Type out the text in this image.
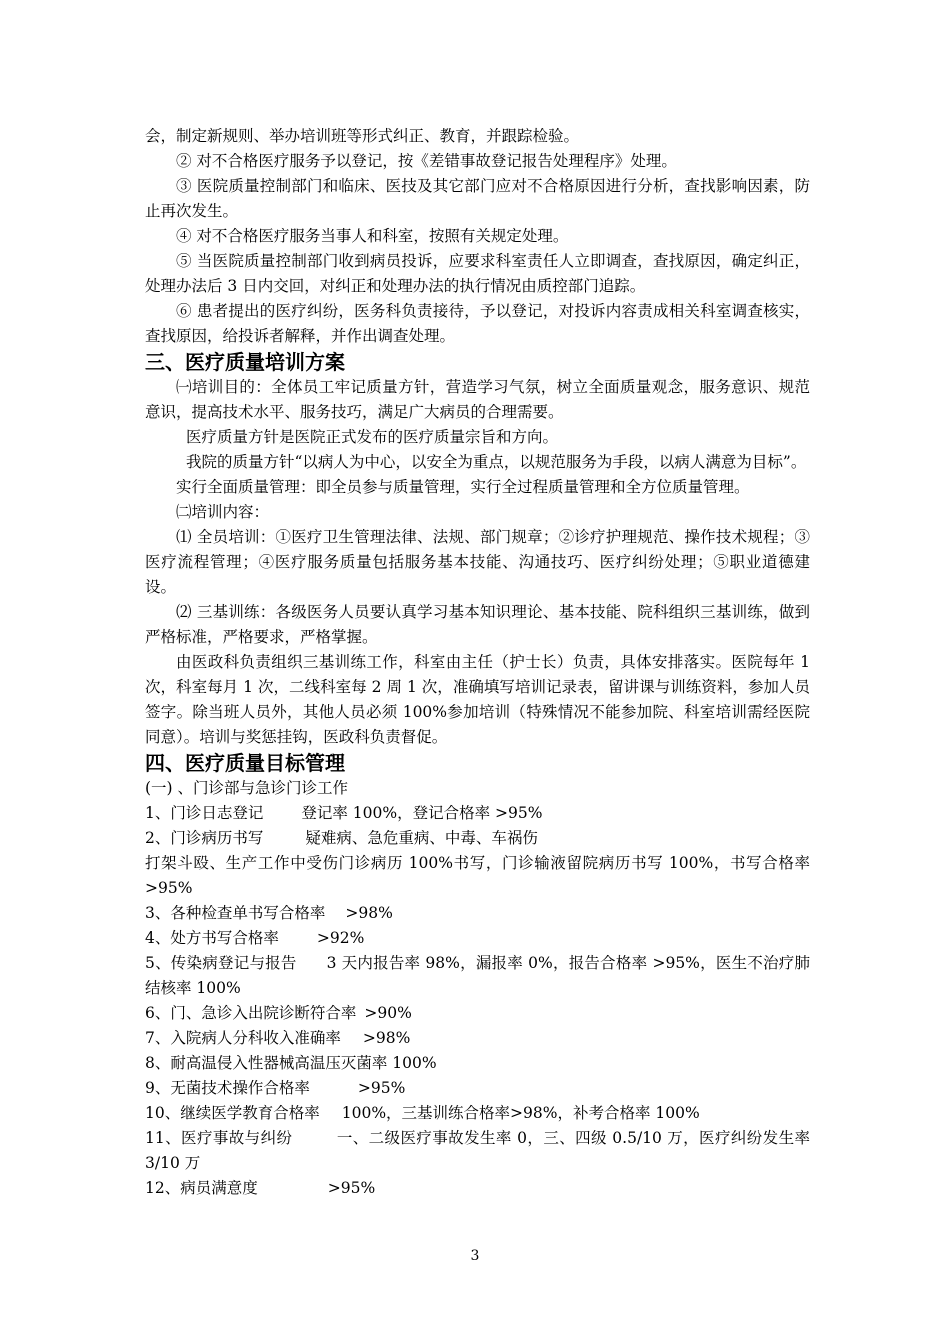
会，制定新规则、举办培训班等形式纠正、教育，并跟踪检验。

② 对不合格医疗服务予以登记，按《差错事故登记报告处理程序》处理。

③ 医院质量控制部门和临床、医技及其它部门应对不合格原因进行分析，查找影响因素，防止再次发生。

④ 对不合格医疗服务当事人和科室，按照有关规定处理。

⑤ 当医院质量控制部门收到病员投诉，应要求科室责任人立即调查，查找原因，确定纠正，处理办法后 3 日内交回，对纠正和处理办法的执行情况由质控部门追踪。

⑥ 患者提出的医疗纠纷，医务科负责接待，予以登记，对投诉内容责成相关科室调查核实，查找原因，给投诉者解释，并作出调查处理。

三、医疗质量培训方案

㈠培训目的：全体员工牢记质量方针，营造学习气氛，树立全面质量观念，服务意识、规范意识，提高技术水平、服务技巧，满足广大病员的合理需要。

医疗质量方针是医院正式发布的医疗质量宗旨和方向。

我院的质量方针“以病人为中心，以安全为重点，以规范服务为手段，以病人满意为目标”。

实行全面质量管理：即全员参与质量管理，实行全过程质量管理和全方位质量管理。

㈡培训内容：

⑴ 全员培训：①医疗卫生管理法律、法规、部门规章；②诊疗护理规范、操作技术规程；③医疗流程管理；④医疗服务质量包括服务基本技能、沟通技巧、医疗纠纷处理；⑤职业道德建设。

⑵ 三基训练：各级医务人员要认真学习基本知识理论、基本技能、院科组织三基训练，做到严格标准，严格要求，严格掌握。

由医政科负责组织三基训练工作，科室由主任（护士长）负责，具体安排落实。医院每年 1 次，科室每月 1 次，二线科室每 2 周 1 次，准确填写培训记录表，留讲课与训练资料，参加人员签字。除当班人员外，其他人员必须 100%参加培训（特殊情况不能参加院、科室培训需经医院同意）。培训与奖惩挂钩，医政科负责督促。

四、医疗质量目标管理

(一) 、门诊部与急诊门诊工作

1、门诊日志登记 登记率 100%，登记合格率 >95%

2、门诊病历书写	疑难病、急危重病、中毒、车祸伤

打架斗殴、生产工作中受伤门诊病历 100%书写，门诊输液留院病历书写 100%，书写合格率 >95%

3、各种检查单书写合格率 >98%

4、处方书写合格率 >92%

5、传染病登记与报告 3 天内报告率 98%，漏报率 0%，报告合格率 >95%，医生不治疗肺结核率 100%

6、门、急诊入出院诊断符合率 >90%

7、入院病人分科收入准确率 >98%

8、耐高温侵入性器械高温压灭菌率 100%

9、无菌技术操作合格率	>95%

10、继续医学教育合格率 100%，三基训练合格率>98%，补考合格率 100%

11、医疗事故与纠纷	一、二级医疗事故发生率 0，三、四级 0.5/10 万，医疗纠纷发生率 3/10 万

12、病员满意度	>95%

3
